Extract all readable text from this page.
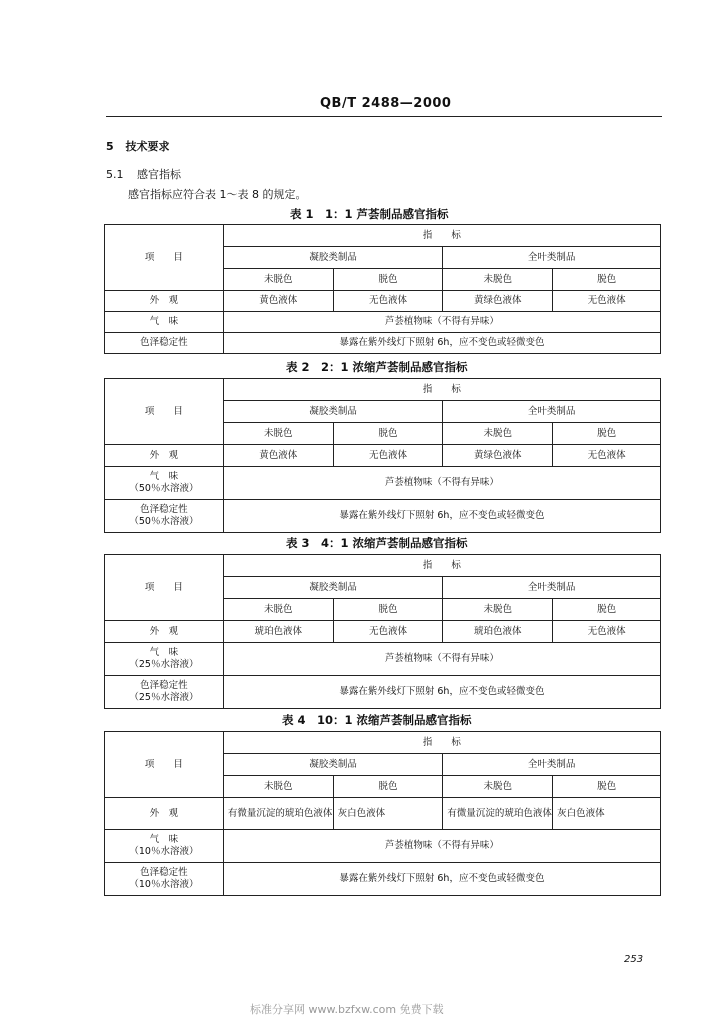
QB/T 2488—2000
5 技术要求
5.1 感官指标
感官指标应符合表 1～表 8 的规定。
表 1　1：1 芦荟制品感官指标
项　　目	指　　标			
	凝胶类制品		全叶类制品	
	未脱色	脱色	未脱色	脱色
外　观	黄色液体	无色液体	黄绿色液体	无色液体
气　味	芦荟植物味（不得有异味）			
色泽稳定性	暴露在紫外线灯下照射 6h，应不变色或轻微变色			
表 2　2：1 浓缩芦荟制品感官指标
项　　目	指　　标			
	凝胶类制品		全叶类制品	
	未脱色	脱色	未脱色	脱色
外　观	黄色液体	无色液体	黄绿色液体	无色液体

气　味
（50％水溶液）	芦荟植物味（不得有异味）			

色泽稳定性
（50％水溶液）	暴露在紫外线灯下照射 6h，应不变色或轻微变色			
表 3　4：1 浓缩芦荟制品感官指标
项　　目	指　　标			
	凝胶类制品		全叶类制品	
	未脱色	脱色	未脱色	脱色
外　观	琥珀色液体	无色液体	琥珀色液体	无色液体

气　味
（25％水溶液）	芦荟植物味（不得有异味）			

色泽稳定性
（25％水溶液）	暴露在紫外线灯下照射 6h，应不变色或轻微变色			
表 4　10：1 浓缩芦荟制品感官指标
项　　目	指　　标			
	凝胶类制品		全叶类制品	
	未脱色	脱色	未脱色	脱色
外　观	有微量沉淀的琥珀色液体	灰白色液体	有微量沉淀的琥珀色液体	灰白色液体

气　味
（10％水溶液）	芦荟植物味（不得有异味）			

色泽稳定性
（10％水溶液）	暴露在紫外线灯下照射 6h，应不变色或轻微变色			
253
标准分享网 www.bzfxw.com 免费下载
